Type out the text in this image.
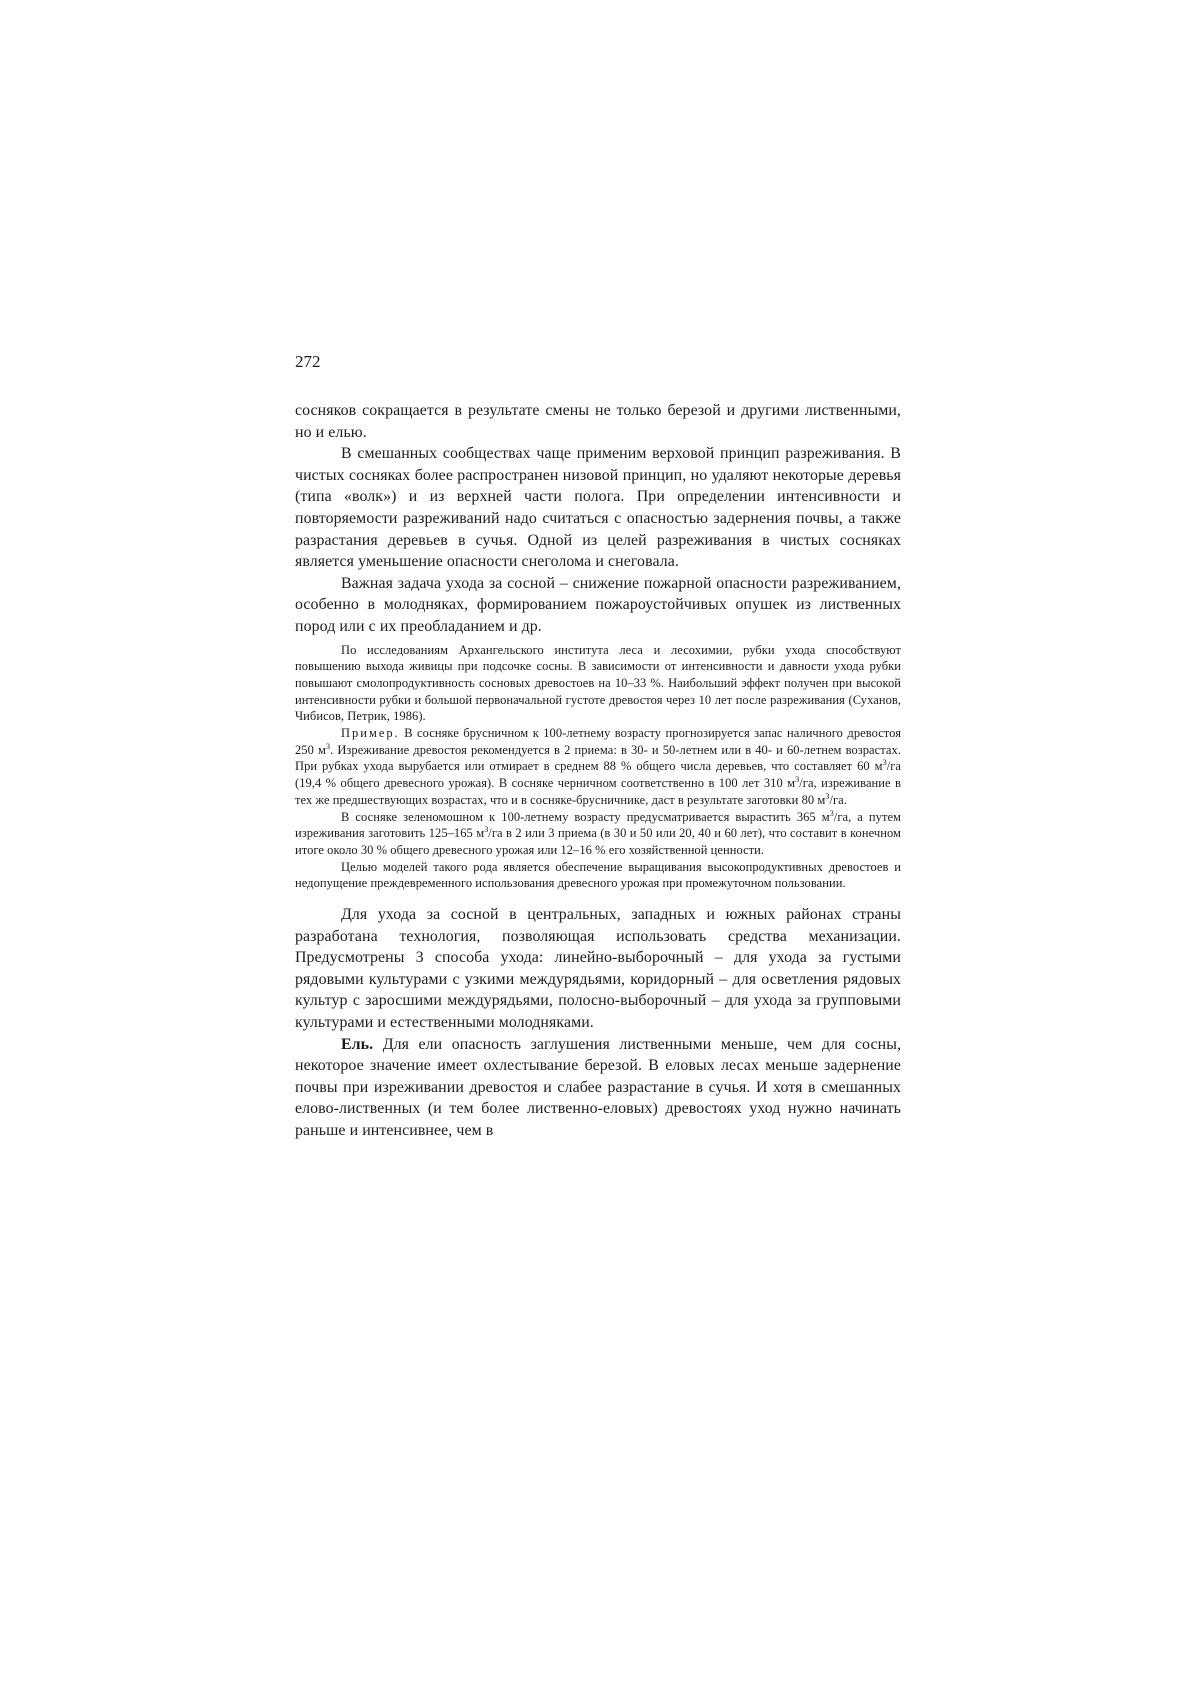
272

сосняков сокращается в результате смены не только березой и другими лиственными, но и елью.

В смешанных сообществах чаще применим верховой принцип разреживания. В чистых сосняках более распространен низовой принцип, но удаляют некоторые деревья (типа «волк») и из верхней части полога. При определении интенсивности и повторяемости разреживаний надо считаться с опасностью задернения почвы, а также разрастания деревьев в сучья. Одной из целей разреживания в чистых сосняках является уменьшение опасности снеголома и снеговала.

Важная задача ухода за сосной – снижение пожарной опасности разреживанием, особенно в молодняках, формированием пожароустойчивых опушек из лиственных пород или с их преобладанием и др.

По исследованиям Архангельского института леса и лесохимии, рубки ухода способствуют повышению выхода живицы при подсочке сосны. В зависимости от интенсивности и давности ухода рубки повышают смолопродуктивность сосновых древостоев на 10–33 %. Наибольший эффект получен при высокой интенсивности рубки и большой первоначальной густоте древостоя через 10 лет после разреживания (Суханов, Чибисов, Петрик, 1986).

Пример. В сосняке брусничном к 100-летнему возрасту прогнозируется запас наличного древостоя 250 $м^3$. Изреживание древостоя рекомендуется в 2 приема: в 30- и 50-летнем или в 40- и 60-летнем возрастах. При рубках ухода вырубается или отмирает в среднем 88 % общего числа деревьев, что составляет 60 $м^3/га$ (19,4 % общего древесного урожая). В сосняке черничном соответственно в 100 лет 310 $м^3/га$, изреживание в тех же предшествующих возрастах, что и в сосняке-брусничнике, даст в результате заготовки 80 $м^3/га$.

В сосняке зеленомошном к 100-летнему возрасту предусматривается вырастить 365 $м^3/га$, а путем изреживания заготовить 125–165 $м^3/га$ в 2 или 3 приема (в 30 и 50 или 20, 40 и 60 лет), что составит в конечном итоге около 30 % общего древесного урожая или 12–16 % его хозяйственной ценности.

Целью моделей такого рода является обеспечение выращивания высокопродуктивных древостоев и недопущение преждевременного использования древесного урожая при промежуточном пользовании.

Для ухода за сосной в центральных, западных и южных районах страны разработана технология, позволяющая использовать средства механизации. Предусмотрены 3 способа ухода: линейно-выборочный – для ухода за густыми рядовыми культурами с узкими междурядьями, коридорный – для осветления рядовых культур с заросшими междурядьями, полосно-выборочный – для ухода за групповыми культурами и естественными молодняками.

Ель. Для ели опасность заглушения лиственными меньше, чем для сосны, некоторое значение имеет охлестывание березой. В еловых лесах меньше задернение почвы при изреживании древостоя и слабее разрастание в сучья. И хотя в смешанных елово-лиственных (и тем более лиственно-еловых) древостоях уход нужно начинать раньше и интенсивнее, чем в
